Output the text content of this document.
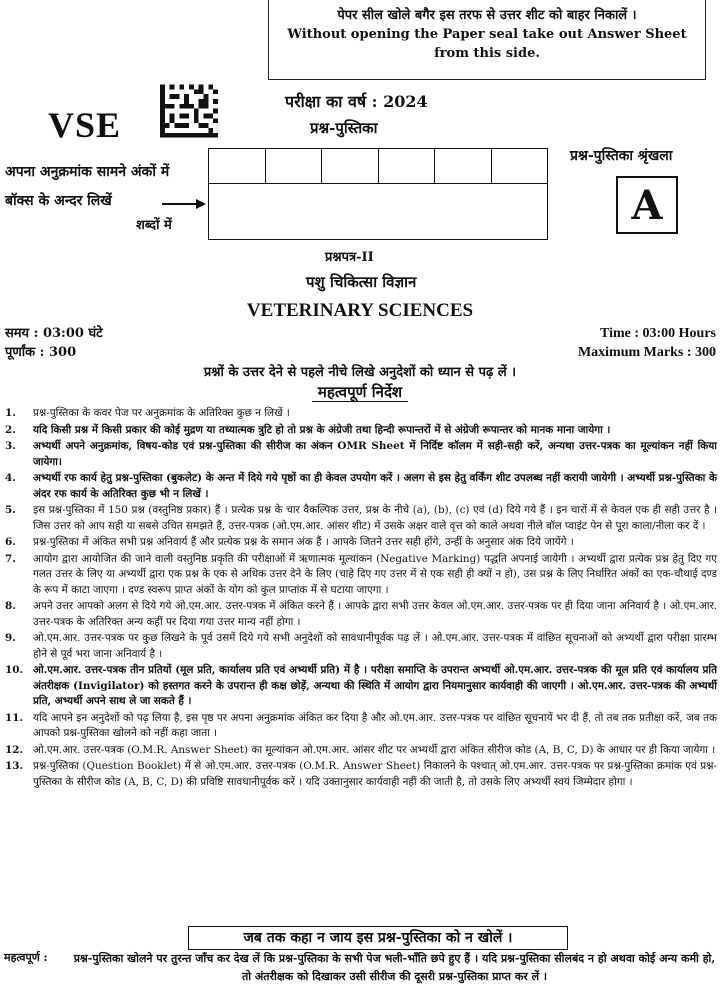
पेपर सील खोले बगैर इस तरफ से उत्तर शीट को बाहर निकालें ।
Without opening the Paper seal take out Answer Sheet from this side.
VSE
परीक्षा का वर्ष : 2024
प्रश्न-पुस्तिका
प्रश्न-पुस्तिका श्रृंखला
A
अपना अनुक्रमांक सामने अंकों में
बॉक्स के अन्दर लिखें
शब्दों में
प्रश्नपत्र-II
पशु चिकित्सा विज्ञान
VETERINARY SCIENCES
समय : 03:00 घंटे
पूर्णांक : 300
Time : 03:00 Hours
Maximum Marks : 300
प्रश्नों के उत्तर देने से पहले नीचे लिखे अनुदेशों को ध्यान से पढ़ लें ।
महत्वपूर्ण निर्देश
1.	प्रश्न-पुस्तिका के कवर पेज पर अनुक्रमांक के अतिरिक्त कुछ न लिखें ।
2.	यदि किसी प्रश्न में किसी प्रकार की कोई मुद्रण या तथ्यात्मक त्रुटि हो तो प्रश्न के अंग्रेजी तथा हिन्दी रूपान्तरों में से अंग्रेजी रूपान्तर को मानक माना जायेगा ।
3.	अभ्यर्थी अपने अनुक्रमांक, विषय-कोड एवं प्रश्न-पुस्तिका की सीरीज का अंकन OMR Sheet में निर्दिष्ट कॉलम में सही-सही करें, अन्यथा उत्तर-पत्रक का मूल्यांकन नहीं किया जायेगा।
4.	अभ्यर्थी रफ कार्य हेतु प्रश्न-पुस्तिका (बुकलेट) के अन्त में दिये गये पृष्ठों का ही केवल उपयोग करें । अलग से इस हेतु वर्किंग शीट उपलब्ध नहीं करायी जायेगी । अभ्यर्थी प्रश्न-पुस्तिका के अंदर रफ कार्य के अतिरिक्त कुछ भी न लिखें ।
5.	इस प्रश्न-पुस्तिका में 150 प्रश्न (वस्तुनिष्ठ प्रकार) हैं । प्रत्येक प्रश्न के चार वैकल्पिक उत्तर, प्रश्न के नीचे (a), (b), (c) एवं (d) दिये गये हैं । इन चारों में से केवल एक ही सही उत्तर है । जिस उत्तर को आप सही या सबसे उचित समझते हैं, उत्तर-पत्रक (ओ.एम.आर. आंसर शीट) में उसके अक्षर वाले वृत्त को काले अथवा नीले बॉल प्वाइंट पेन से पूरा काला/नीला कर दें ।
6.	प्रश्न-पुस्तिका में अंकित सभी प्रश्न अनिवार्य हैं और प्रत्येक प्रश्न के समान अंक हैं । आपके जितने उत्तर सही होंगे, उन्हीं के अनुसार अंक दिये जायेंगे ।
7.	आयोग द्वारा आयोजित की जाने वाली वस्तुनिष्ठ प्रकृति की परीक्षाओं में ऋणात्मक मूल्यांकन (Negative Marking) पद्धति अपनाई जायेगी । अभ्यर्थी द्वारा प्रत्येक प्रश्न हेतु दिए गए गलत उत्तर के लिए या अभ्यर्थी द्वारा एक प्रश्न के एक से अधिक उत्तर देने के लिए (चाहे दिए गए उत्तर में से एक सही ही क्यों न हो), उस प्रश्न के लिए निर्धारित अंकों का एक-चौथाई दण्ड के रूप में काटा जाएगा । दण्ड स्वरूप प्राप्त अंकों के योग को कुल प्राप्तांक में से घटाया जाएगा ।
8.	अपने उत्तर आपको अलग से दिये गये ओ.एम.आर. उत्तर-पत्रक में अंकित करने हैं । आपके द्वारा सभी उत्तर केवल ओ.एम.आर. उत्तर-पत्रक पर ही दिया जाना अनिवार्य है । ओ.एम.आर. उत्तर-पत्रक के अतिरिक्त अन्य कहीं पर दिया गया उत्तर मान्य नहीं होगा ।
9.	ओ.एम.आर. उत्तर-पत्रक पर कुछ लिखने के पूर्व उसमें दिये गये सभी अनुदेशों को सावधानीपूर्वक पढ़ लें । ओ.एम.आर. उत्तर-पत्रक में वांछित सूचनाओं को अभ्यर्थी द्वारा परीक्षा प्रारम्भ होने से पूर्व भरा जाना अनिवार्य है ।
10. ओ.एम.आर. उत्तर-पत्रक तीन प्रतियों (मूल प्रति, कार्यालय प्रति एवं अभ्यर्थी प्रति) में है । परीक्षा समाप्ति के उपरान्त अभ्यर्थी ओ.एम.आर. उत्तर-पत्रक की मूल प्रति एवं कार्यालय प्रति अंतरीक्षक (Invigilator) को हस्तगत करने के उपरान्त ही कक्ष छोड़ें, अन्यथा की स्थिति में आयोग द्वारा नियमानुसार कार्यवाही की जाएगी । ओ.एम.आर. उत्तर-पत्रक की अभ्यर्थी प्रति, अभ्यर्थी अपने साथ ले जा सकते हैं ।
11. यदि आपने इन अनुदेशों को पढ़ लिया है, इस पृष्ठ पर अपना अनुक्रमांक अंकित कर दिया है और ओ.एम.आर. उत्तर-पत्रक पर वांछित सूचनायें भर दी हैं, तो तब तक प्रतीक्षा करें, जब तक आपको प्रश्न-पुस्तिका खोलने को नहीं कहा जाता ।
12. ओ.एम.आर. उत्तर-पत्रक (O.M.R. Answer Sheet) का मूल्यांकन ओ.एम.आर. आंसर शीट पर अभ्यर्थी द्वारा अंकित सीरीज कोड (A, B, C, D) के आधार पर ही किया जायेगा ।
13. प्रश्न-पुस्तिका (Question Booklet) में से ओ.एम.आर. उत्तर-पत्रक (O.M.R. Answer Sheet) निकालने के पश्चात् ओ.एम.आर. उत्तर-पत्रक पर प्रश्न-पुस्तिका क्रमांक एवं प्रश्न-पुस्तिका के सीरीज कोड (A, B, C, D) की प्रविष्टि सावधानीपूर्वक करें । यदि उक्तानुसार कार्यवाही नहीं की जाती है, तो उसके लिए अभ्यर्थी स्वयं जिम्मेदार होगा ।
जब तक कहा न जाय इस प्रश्न-पुस्तिका को न खोलें ।
महत्वपूर्ण : प्रश्न-पुस्तिका खोलने पर तुरन्त जाँच कर देख लें कि प्रश्न-पुस्तिका के सभी पेज भली-भाँति छपे हुए हैं । यदि प्रश्न-पुस्तिका सीलबंद न हो अथवा कोई अन्य कमी हो, तो अंतरीक्षक को दिखाकर उसी सीरीज की दूसरी प्रश्न-पुस्तिका प्राप्त कर लें ।
